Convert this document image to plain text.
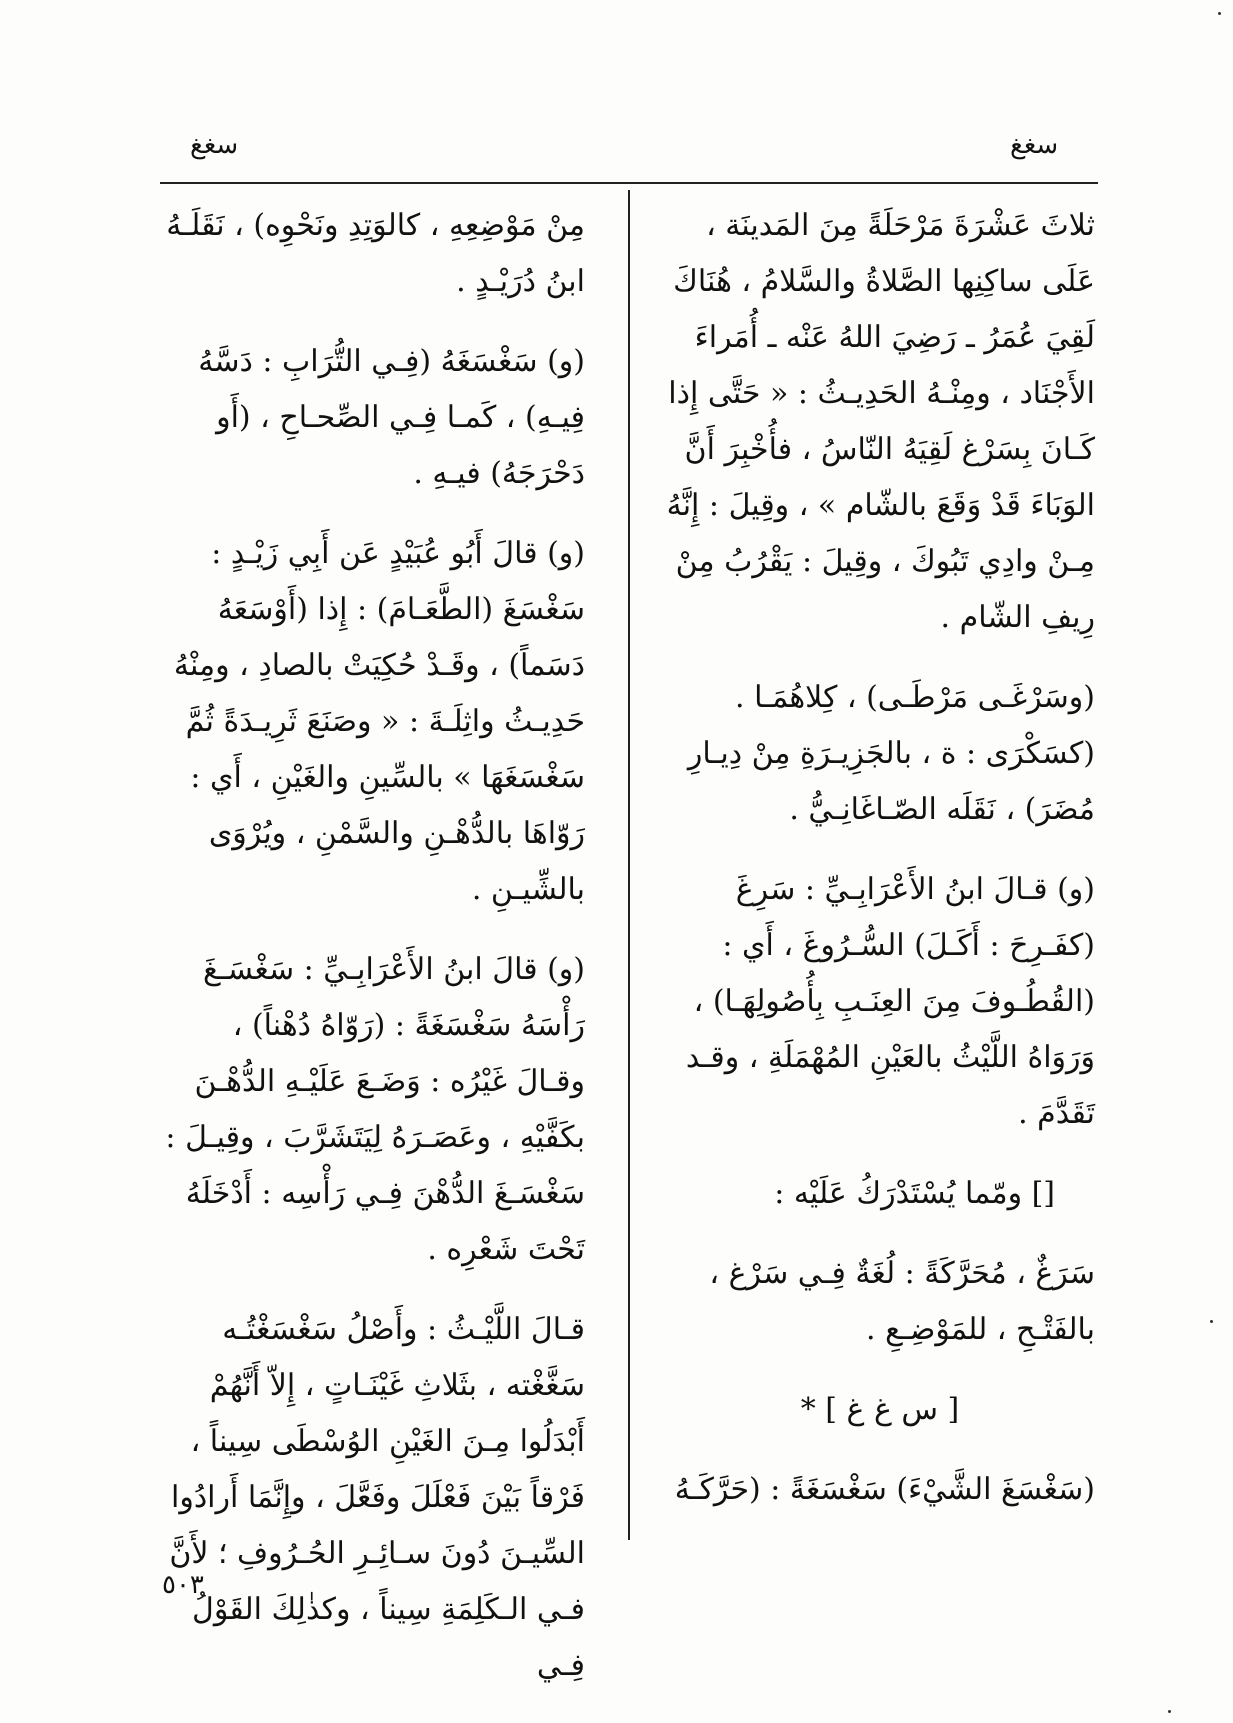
سغغ
سغغ

ثلاثَ عَشْرَةَ مَرْحَلَةً مِنَ المَدينَة ، عَلَى ساكِنِها الصَّلاةُ والسَّلامُ ، هُنَاكَ لَقِيَ عُمَرُ ـ رَضِيَ اللهُ عَنْه ـ أُمَراءَ الأَجْنَاد ، ومِنْـهُ الحَدِيـثُ : « حَتَّى إِذا كَـانَ بِسَرْغ لَقِيَهُ النّاسُ ، فأُخْبِرَ أَنَّ الوَبَاءَ قَدْ وَقَعَ بالشّام » ، وقِيلَ : إِنَّهُ مِـنْ وادِي تَبُوكَ ، وقِيلَ : يَقْرُبُ مِنْ رِيفِ الشّام .

(وسَرْغَـى مَرْطَـى) ، كِلاهُمَـا . (كسَكْرَى : ة ، بالجَزِيـرَةِ مِنْ دِيـارِ مُضَرَ) ، نَقَلَه الصّـاغَانِـيُّ .

(و) قـالَ ابنُ الأَعْرَابِـيِّ : سَرِغَ (كفَـرِحَ : أَكَـلَ) السُّـرُوغَ ، أَي : (القُطُـوفَ مِنَ العِنَـبِ بِأُصُولِهَـا) ، وَرَوَاهُ اللَّيْثُ بالعَيْنِ المُهْمَلَةِ ، وقـد تَقَدَّمَ .

[] ومّما يُسْتَدْرَكُ عَلَيْه :

سَرَغٌ ، مُحَرَّكَةً : لُغَةٌ فِـي سَرْغ ، بالفَتْـحِ ، للمَوْضِـعِ .

[ س غ غ ] *

(سَغْسَغَ الشَّيْءَ) سَغْسَغَةً : (حَرَّكَـهُ

مِنْ مَوْضِعِهِ ، كالوَتِدِ ونَحْوِه) ، نَقَلَـهُ ابنُ دُرَيْـدٍ .

(و) سَغْسَغَهُ (فِـي التُّرَابِ : دَسَّهُ فِيـهِ) ، كَمـا فِـي الصِّحـاحِ ، (أَو دَحْرَجَهُ) فيـهِ .

(و) قالَ أَبُو عُبَيْدٍ عَن أَبِي زَيْـدٍ : سَغْسَغَ (الطَّعَـامَ) : إِذا (أَوْسَعَهُ دَسَماً) ، وقَـدْ حُكِيَتْ بالصادِ ، ومِنْهُ حَدِيـثُ واثِلَـةَ : « وصَنَعَ ثَرِيـدَةً ثُمَّ سَغْسَغَهَا » بالسِّينِ والغَيْنِ ، أَي : رَوّاهَا بالدُّهْـنِ والسَّمْنِ ، ويُرْوَى بالشِّيـنِ .

(و) قالَ ابنُ الأَعْرَابِـيِّ : سَغْسَـغَ رَأْسَهُ سَغْسَغَةً : (رَوّاهُ دُهْناً) ، وقـالَ غَيْرُه : وَضَـعَ عَلَيْـهِ الدُّهْـنَ بكَفَّيْهِ ، وعَصَـرَهُ لِيَتَشَرَّبَ ، وقِيـلَ : سَغْسَـغَ الدُّهْنَ فِـي رَأْسِه : أَدْخَلَهُ تَحْتَ شَعْرِه .

قـالَ اللَّيْـثُ : وأَصْلُ سَغْسَغْتُـه سَغَّغْته ، بثَلاثِ غَيْنَـاتٍ ، إِلاّ أَنَّهُمْ أَبْدَلُوا مِـنَ الغَيْنِ الوُسْطَى سِيناً ، فَرْقاً بَيْنَ فَعْلَلَ وفَعَّلَ ، وإِنَّمَا أَرادُوا السِّيـنَ دُونَ سـائِـرِ الحُـرُوفِ ؛ لأَنَّ فـي الـكَلِمَةِ سِيناً ، وكذٰلِكَ القَوْلُ فِـي

٥٠٣
